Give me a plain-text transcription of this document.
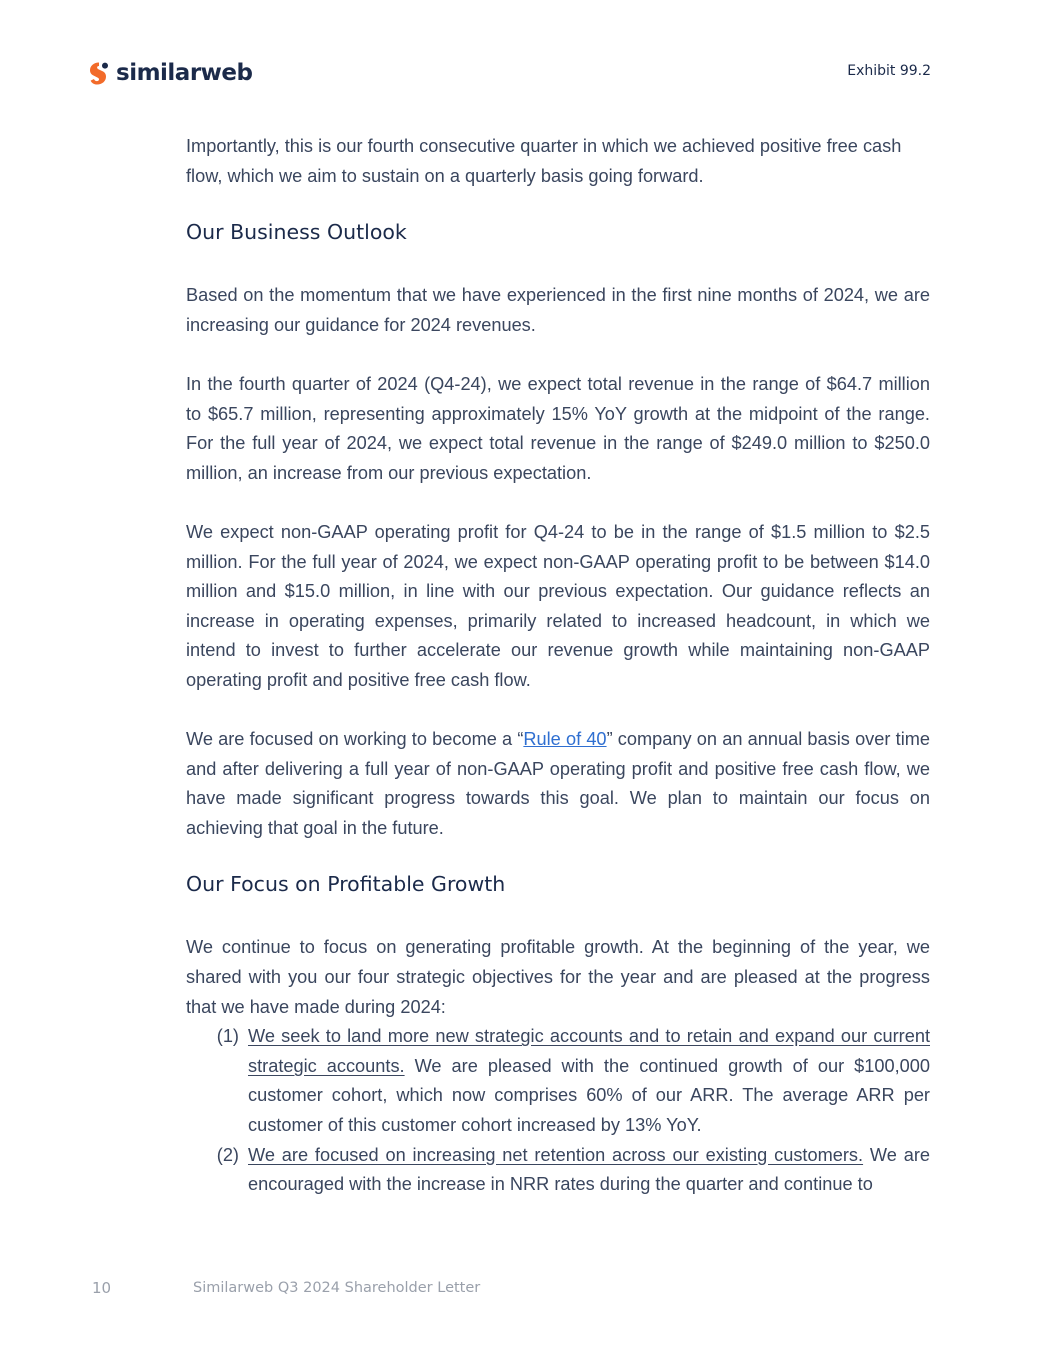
similarweb	Exhibit 99.2

Importantly, this is our fourth consecutive quarter in which we achieved positive free cash flow, which we aim to sustain on a quarterly basis going forward.

Our Business Outlook

Based on the momentum that we have experienced in the first nine months of 2024, we are increasing our guidance for 2024 revenues.

In the fourth quarter of 2024 (Q4-24), we expect total revenue in the range of $64.7 million to $65.7 million, representing approximately 15% YoY growth at the midpoint of the range. For the full year of 2024, we expect total revenue in the range of $249.0 million to $250.0 million, an increase from our previous expectation.

We expect non-GAAP operating profit for Q4-24 to be in the range of $1.5 million to $2.5 million. For the full year of 2024, we expect non-GAAP operating profit to be between $14.0 million and $15.0 million, in line with our previous expectation. Our guidance reflects an increase in operating expenses, primarily related to increased headcount, in which we intend to invest to further accelerate our revenue growth while maintaining non-GAAP operating profit and positive free cash flow.

We are focused on working to become a “Rule of 40” company on an annual basis over time and after delivering a full year of non-GAAP operating profit and positive free cash flow, we have made significant progress towards this goal. We plan to maintain our focus on achieving that goal in the future.

Our Focus on Profitable Growth

We continue to focus on generating profitable growth. At the beginning of the year, we shared with you our four strategic objectives for the year and are pleased at the progress that we have made during 2024:

(1) We seek to land more new strategic accounts and to retain and expand our current strategic accounts. We are pleased with the continued growth of our $100,000 customer cohort, which now comprises 60% of our ARR. The average ARR per customer of this customer cohort increased by 13% YoY.

(2) We are focused on increasing net retention across our existing customers. We are encouraged with the increase in NRR rates during the quarter and continue to

10	Similarweb Q3 2024 Shareholder Letter
